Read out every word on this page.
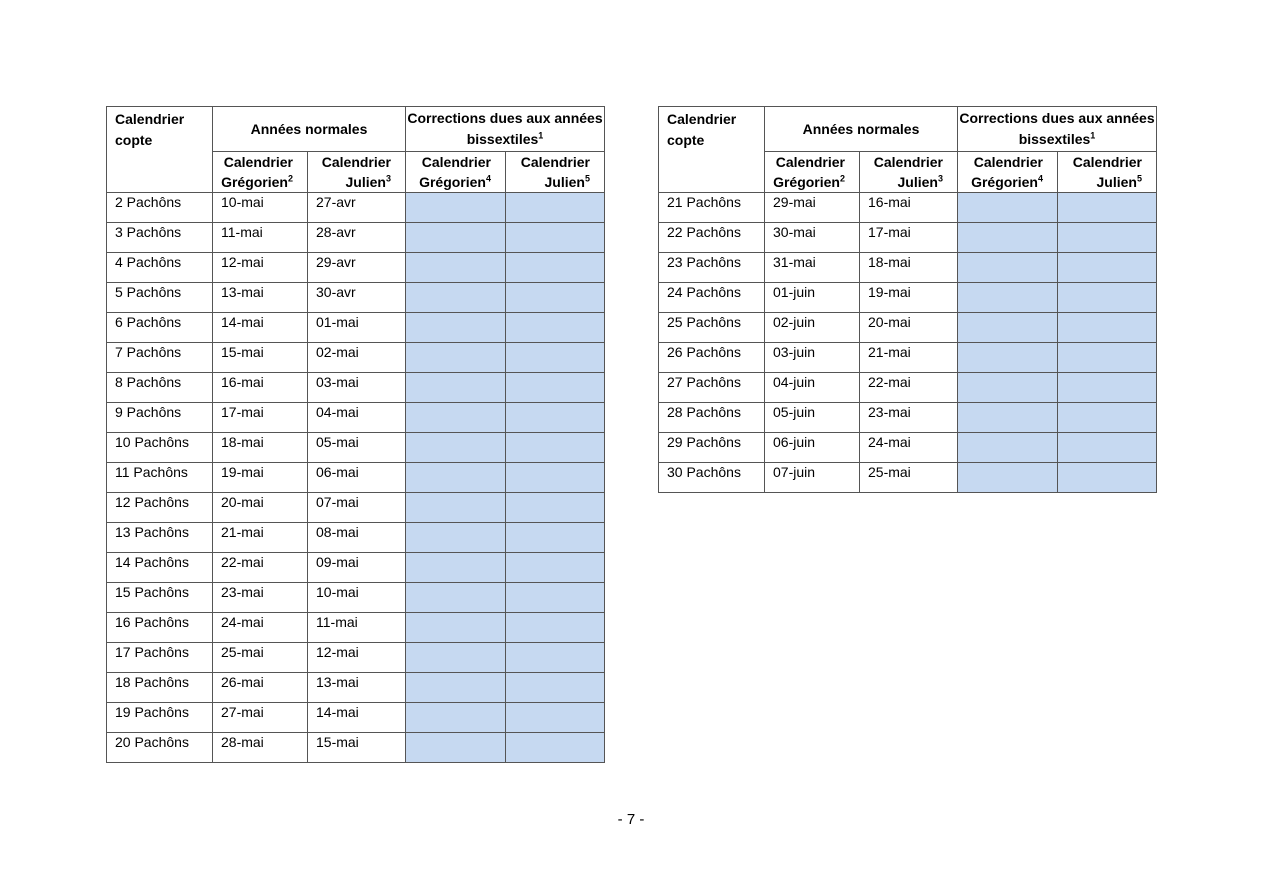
Calendrier copte	Années normales		Corrections dues aux années bissextiles$^1$
	Calendrier Grégorien$^2$	Calendrier Julien$^3$	Calendrier Grégorien$^4$	Calendrier Julien$^5$
2 Pachôns	10-mai	27-avr		
3 Pachôns	11-mai	28-avr		
4 Pachôns	12-mai	29-avr		
5 Pachôns	13-mai	30-avr		
6 Pachôns	14-mai	01-mai		
7 Pachôns	15-mai	02-mai		
8 Pachôns	16-mai	03-mai		
9 Pachôns	17-mai	04-mai		
10 Pachôns	18-mai	05-mai		
11 Pachôns	19-mai	06-mai		
12 Pachôns	20-mai	07-mai		
13 Pachôns	21-mai	08-mai		
14 Pachôns	22-mai	09-mai		
15 Pachôns	23-mai	10-mai		
16 Pachôns	24-mai	11-mai		
17 Pachôns	25-mai	12-mai		
18 Pachôns	26-mai	13-mai		
19 Pachôns	27-mai	14-mai		
20 Pachôns	28-mai	15-mai		
Calendrier copte	Années normales		Corrections dues aux années bissextiles$^1$
	Calendrier Grégorien$^2$	Calendrier Julien$^3$	Calendrier Grégorien$^4$	Calendrier Julien$^5$
21 Pachôns	29-mai	16-mai		
22 Pachôns	30-mai	17-mai		
23 Pachôns	31-mai	18-mai		
24 Pachôns	01-juin	19-mai		
25 Pachôns	02-juin	20-mai		
26 Pachôns	03-juin	21-mai		
27 Pachôns	04-juin	22-mai		
28 Pachôns	05-juin	23-mai		
29 Pachôns	06-juin	24-mai		
30 Pachôns	07-juin	25-mai		
- 7 -
